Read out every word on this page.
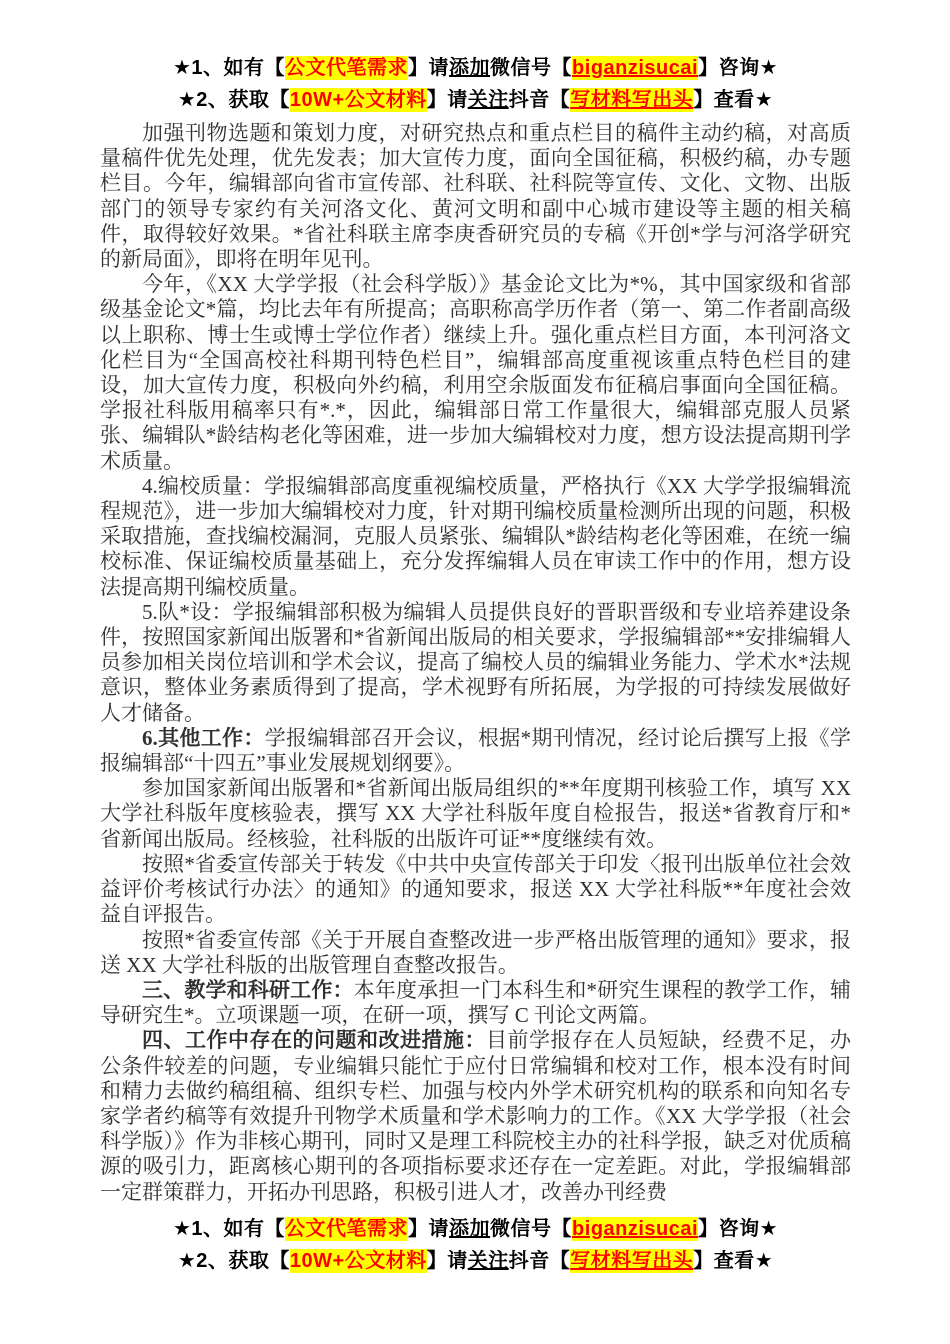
★1、如有【公文代笔需求】请添加微信号【biganzisucai】咨询★
★2、获取【10W+公文材料】请关注抖音【写材料写出头】查看★

加强刊物选题和策划力度，对研究热点和重点栏目的稿件主动约稿，对高质量稿件优先处理，优先发表；加大宣传力度，面向全国征稿，积极约稿，办专题栏目。今年，编辑部向省市宣传部、社科联、社科院等宣传、文化、文物、出版部门的领导专家约有关河洛文化、黄河文明和副中心城市建设等主题的相关稿件，取得较好效果。*省社科联主席李庚香研究员的专稿《开创*学与河洛学研究的新局面》，即将在明年见刊。

今年，《XX 大学学报（社会科学版）》基金论文比为*%，其中国家级和省部级基金论文*篇，均比去年有所提高；高职称高学历作者（第一、第二作者副高级以上职称、博士生或博士学位作者）继续上升。强化重点栏目方面，本刊河洛文化栏目为“全国高校社科期刊特色栏目”，编辑部高度重视该重点特色栏目的建设，加大宣传力度，积极向外约稿，利用空余版面发布征稿启事面向全国征稿。学报社科版用稿率只有*.*，因此，编辑部日常工作量很大，编辑部克服人员紧张、编辑队*龄结构老化等困难，进一步加大编辑校对力度，想方设法提高期刊学术质量。

4.编校质量：学报编辑部高度重视编校质量，严格执行《XX 大学学报编辑流程规范》，进一步加大编辑校对力度，针对期刊编校质量检测所出现的问题，积极采取措施，查找编校漏洞，克服人员紧张、编辑队*龄结构老化等困难，在统一编校标准、保证编校质量基础上，充分发挥编辑人员在审读工作中的作用，想方设法提高期刊编校质量。

5.队*设：学报编辑部积极为编辑人员提供良好的晋职晋级和专业培养建设条件，按照国家新闻出版署和*省新闻出版局的相关要求，学报编辑部**安排编辑人员参加相关岗位培训和学术会议，提高了编校人员的编辑业务能力、学术水*法规意识，整体业务素质得到了提高，学术视野有所拓展，为学报的可持续发展做好人才储备。

6.其他工作：学报编辑部召开会议，根据*期刊情况，经讨论后撰写上报《学报编辑部“十四五”事业发展规划纲要》。

参加国家新闻出版署和*省新闻出版局组织的**年度期刊核验工作，填写 XX 大学社科版年度核验表，撰写 XX 大学社科版年度自检报告，报送*省教育厅和*省新闻出版局。经核验，社科版的出版许可证**度继续有效。

按照*省委宣传部关于转发《中共中央宣传部关于印发〈报刊出版单位社会效益评价考核试行办法〉的通知》的通知要求，报送 XX 大学社科版**年度社会效益自评报告。

按照*省委宣传部《关于开展自查整改进一步严格出版管理的通知》要求，报送 XX 大学社科版的出版管理自查整改报告。

三、教学和科研工作：本年度承担一门本科生和*研究生课程的教学工作，辅导研究生*。立项课题一项，在研一项，撰写 C 刊论文两篇。

四、工作中存在的问题和改进措施：目前学报存在人员短缺，经费不足，办公条件较差的问题，专业编辑只能忙于应付日常编辑和校对工作，根本没有时间和精力去做约稿组稿、组织专栏、加强与校内外学术研究机构的联系和向知名专家学者约稿等有效提升刊物学术质量和学术影响力的工作。《XX 大学学报（社会科学版）》作为非核心期刊，同时又是理工科院校主办的社科学报，缺乏对优质稿源的吸引力，距离核心期刊的各项指标要求还存在一定差距。对此，学报编辑部一定群策群力，开拓办刊思路，积极引进人才，改善办刊经费

★1、如有【公文代笔需求】请添加微信号【biganzisucai】咨询★
★2、获取【10W+公文材料】请关注抖音【写材料写出头】查看★
